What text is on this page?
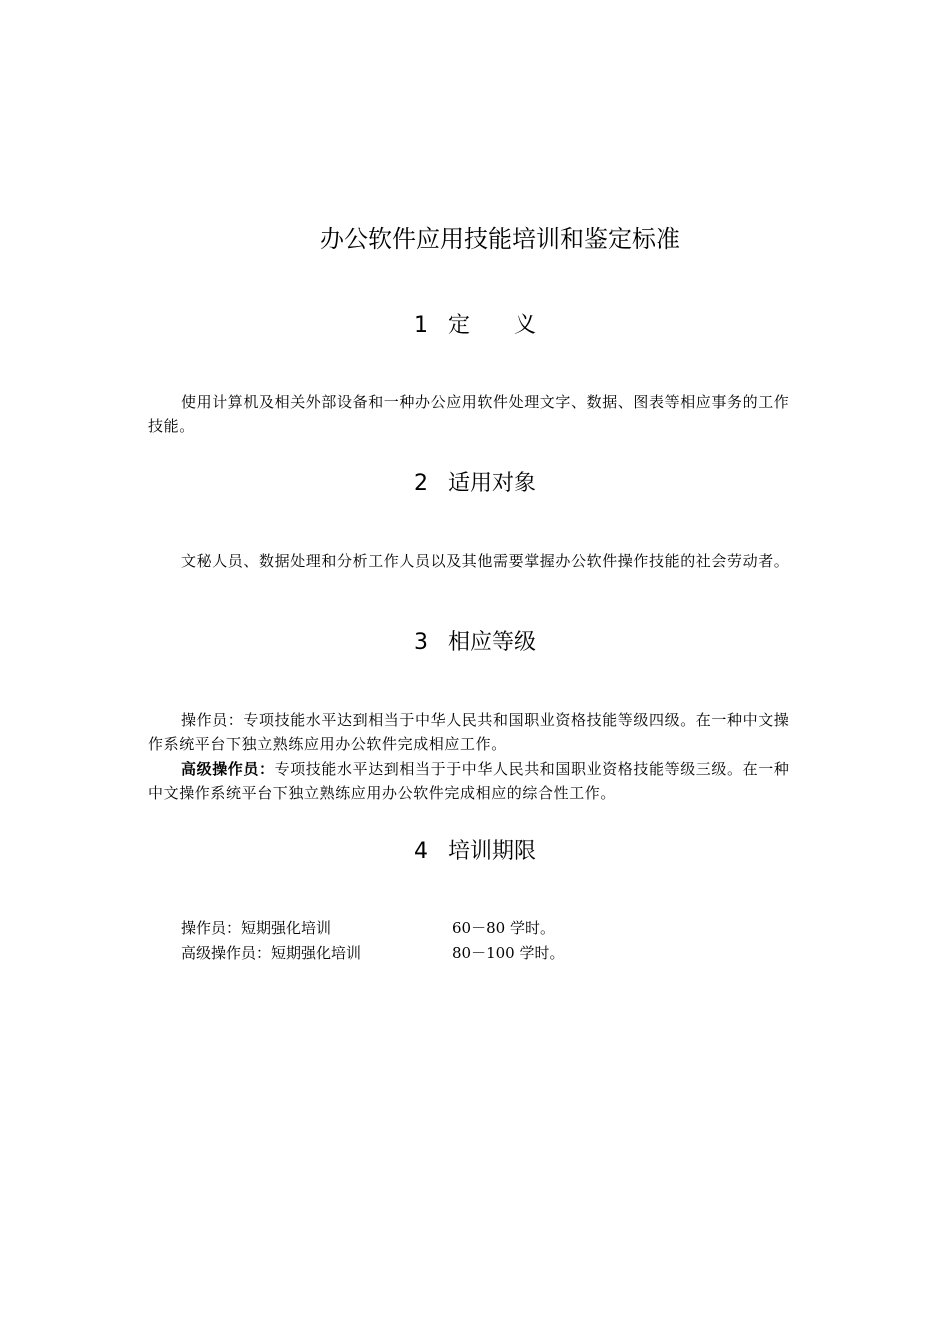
办公软件应用技能培训和鉴定标准
1 定义
使用计算机及相关外部设备和一种办公应用软件处理文字、数据、图表等相应事务的工作技能。
2 适用对象
文秘人员、数据处理和分析工作人员以及其他需要掌握办公软件操作技能的社会劳动者。
3 相应等级
操作员：专项技能水平达到相当于中华人民共和国职业资格技能等级四级。在一种中文操作系统平台下独立熟练应用办公软件完成相应工作。
高级操作员：专项技能水平达到相当于于中华人民共和国职业资格技能等级三级。在一种中文操作系统平台下独立熟练应用办公软件完成相应的综合性工作。
4 培训期限
操作员：短期强化培训	60－80 学时。
高级操作员：短期强化培训	80－100 学时。
